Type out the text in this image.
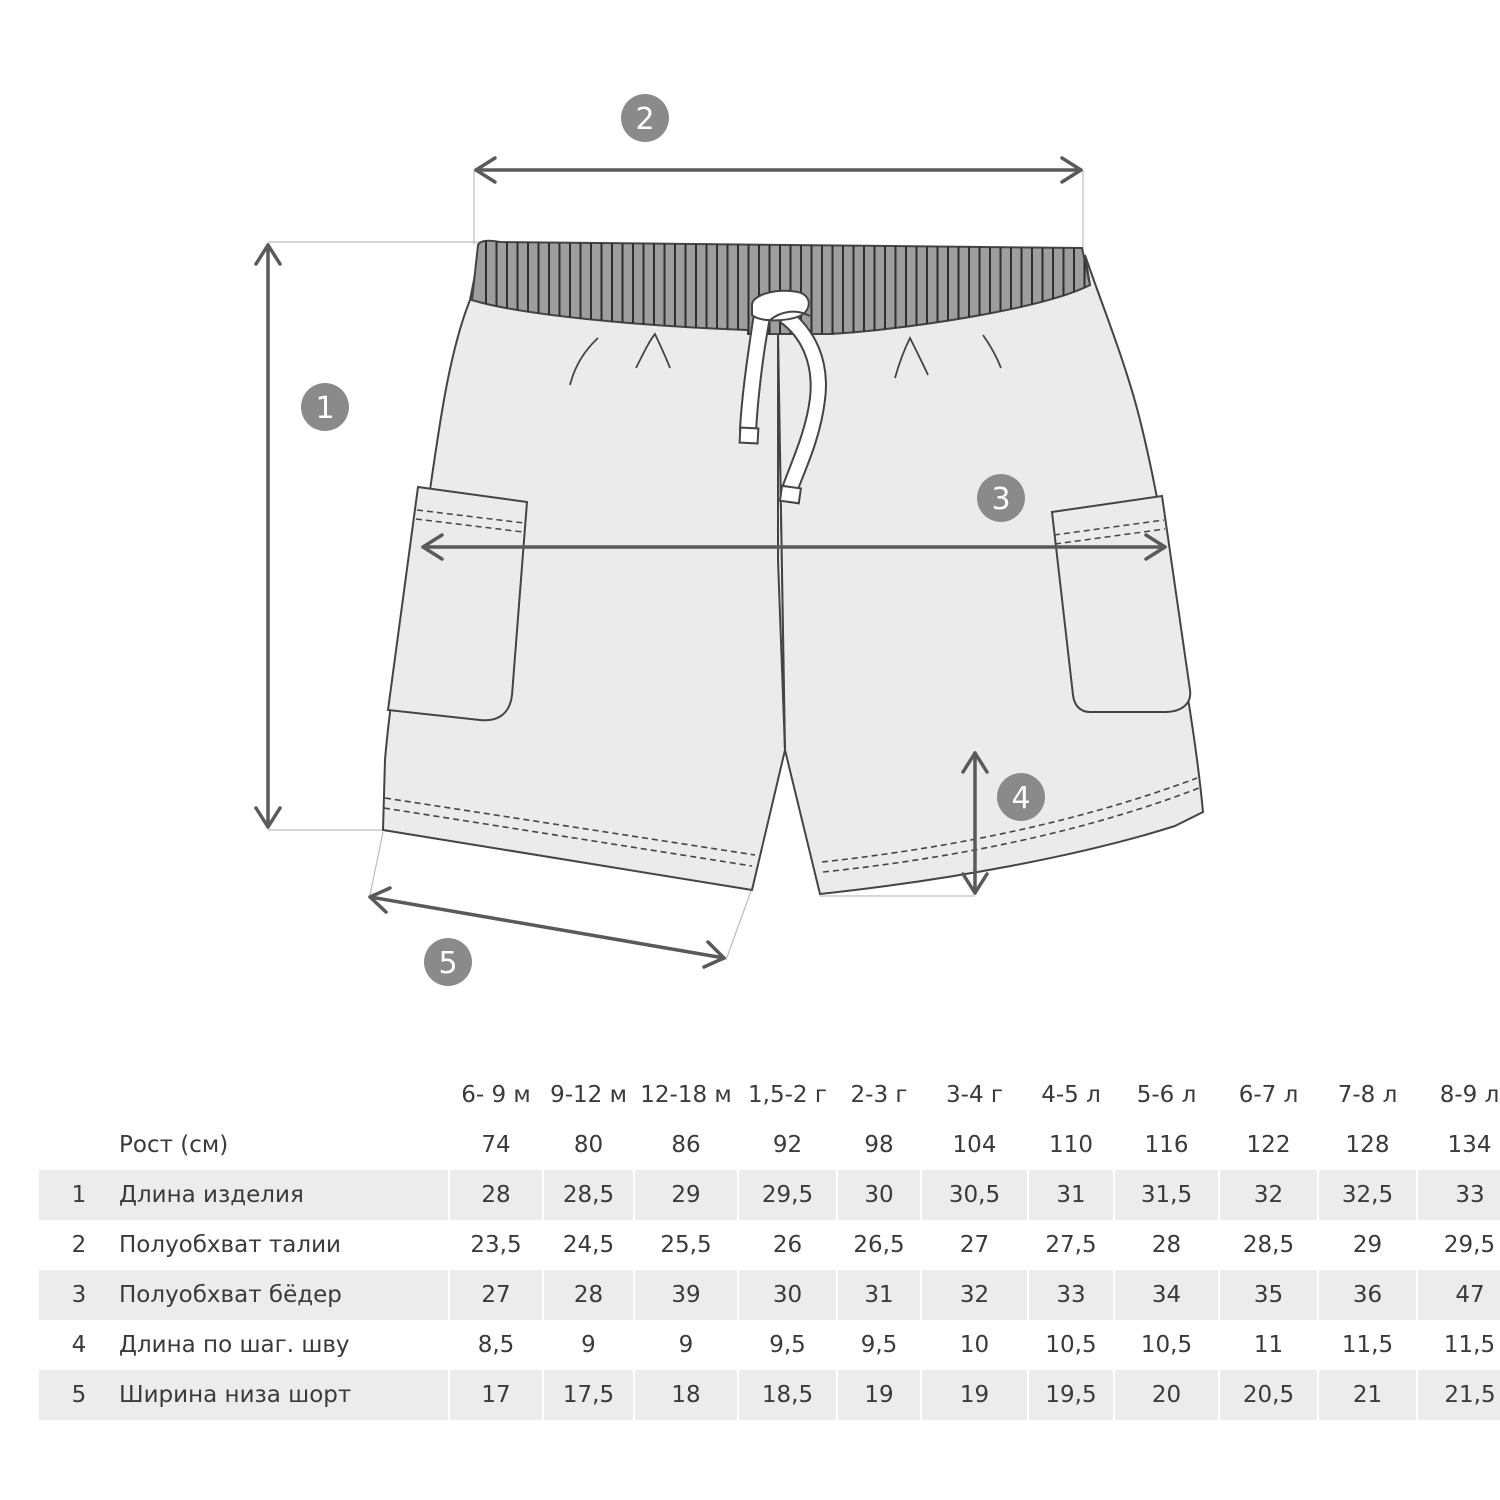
1
2
3
4
5
		6- 9 м	9-12 м	12-18 м	1,5-2 г	2-3 г	3-4 г	4-5 л	5-6 л	6-7 л	7-8 л	8-9 л
	Рост (см)	74	80	86	92	98	104	110	116	122	128	134
1	Длина изделия	28	28,5	29	29,5	30	30,5	31	31,5	32	32,5	33
2	Полуобхват талии	23,5	24,5	25,5	26	26,5	27	27,5	28	28,5	29	29,5
3	Полуобхват бёдер	27	28	39	30	31	32	33	34	35	36	47
4	Длина по шаг. шву	8,5	9	9	9,5	9,5	10	10,5	10,5	11	11,5	11,5
5	Ширина низа шорт	17	17,5	18	18,5	19	19	19,5	20	20,5	21	21,5
